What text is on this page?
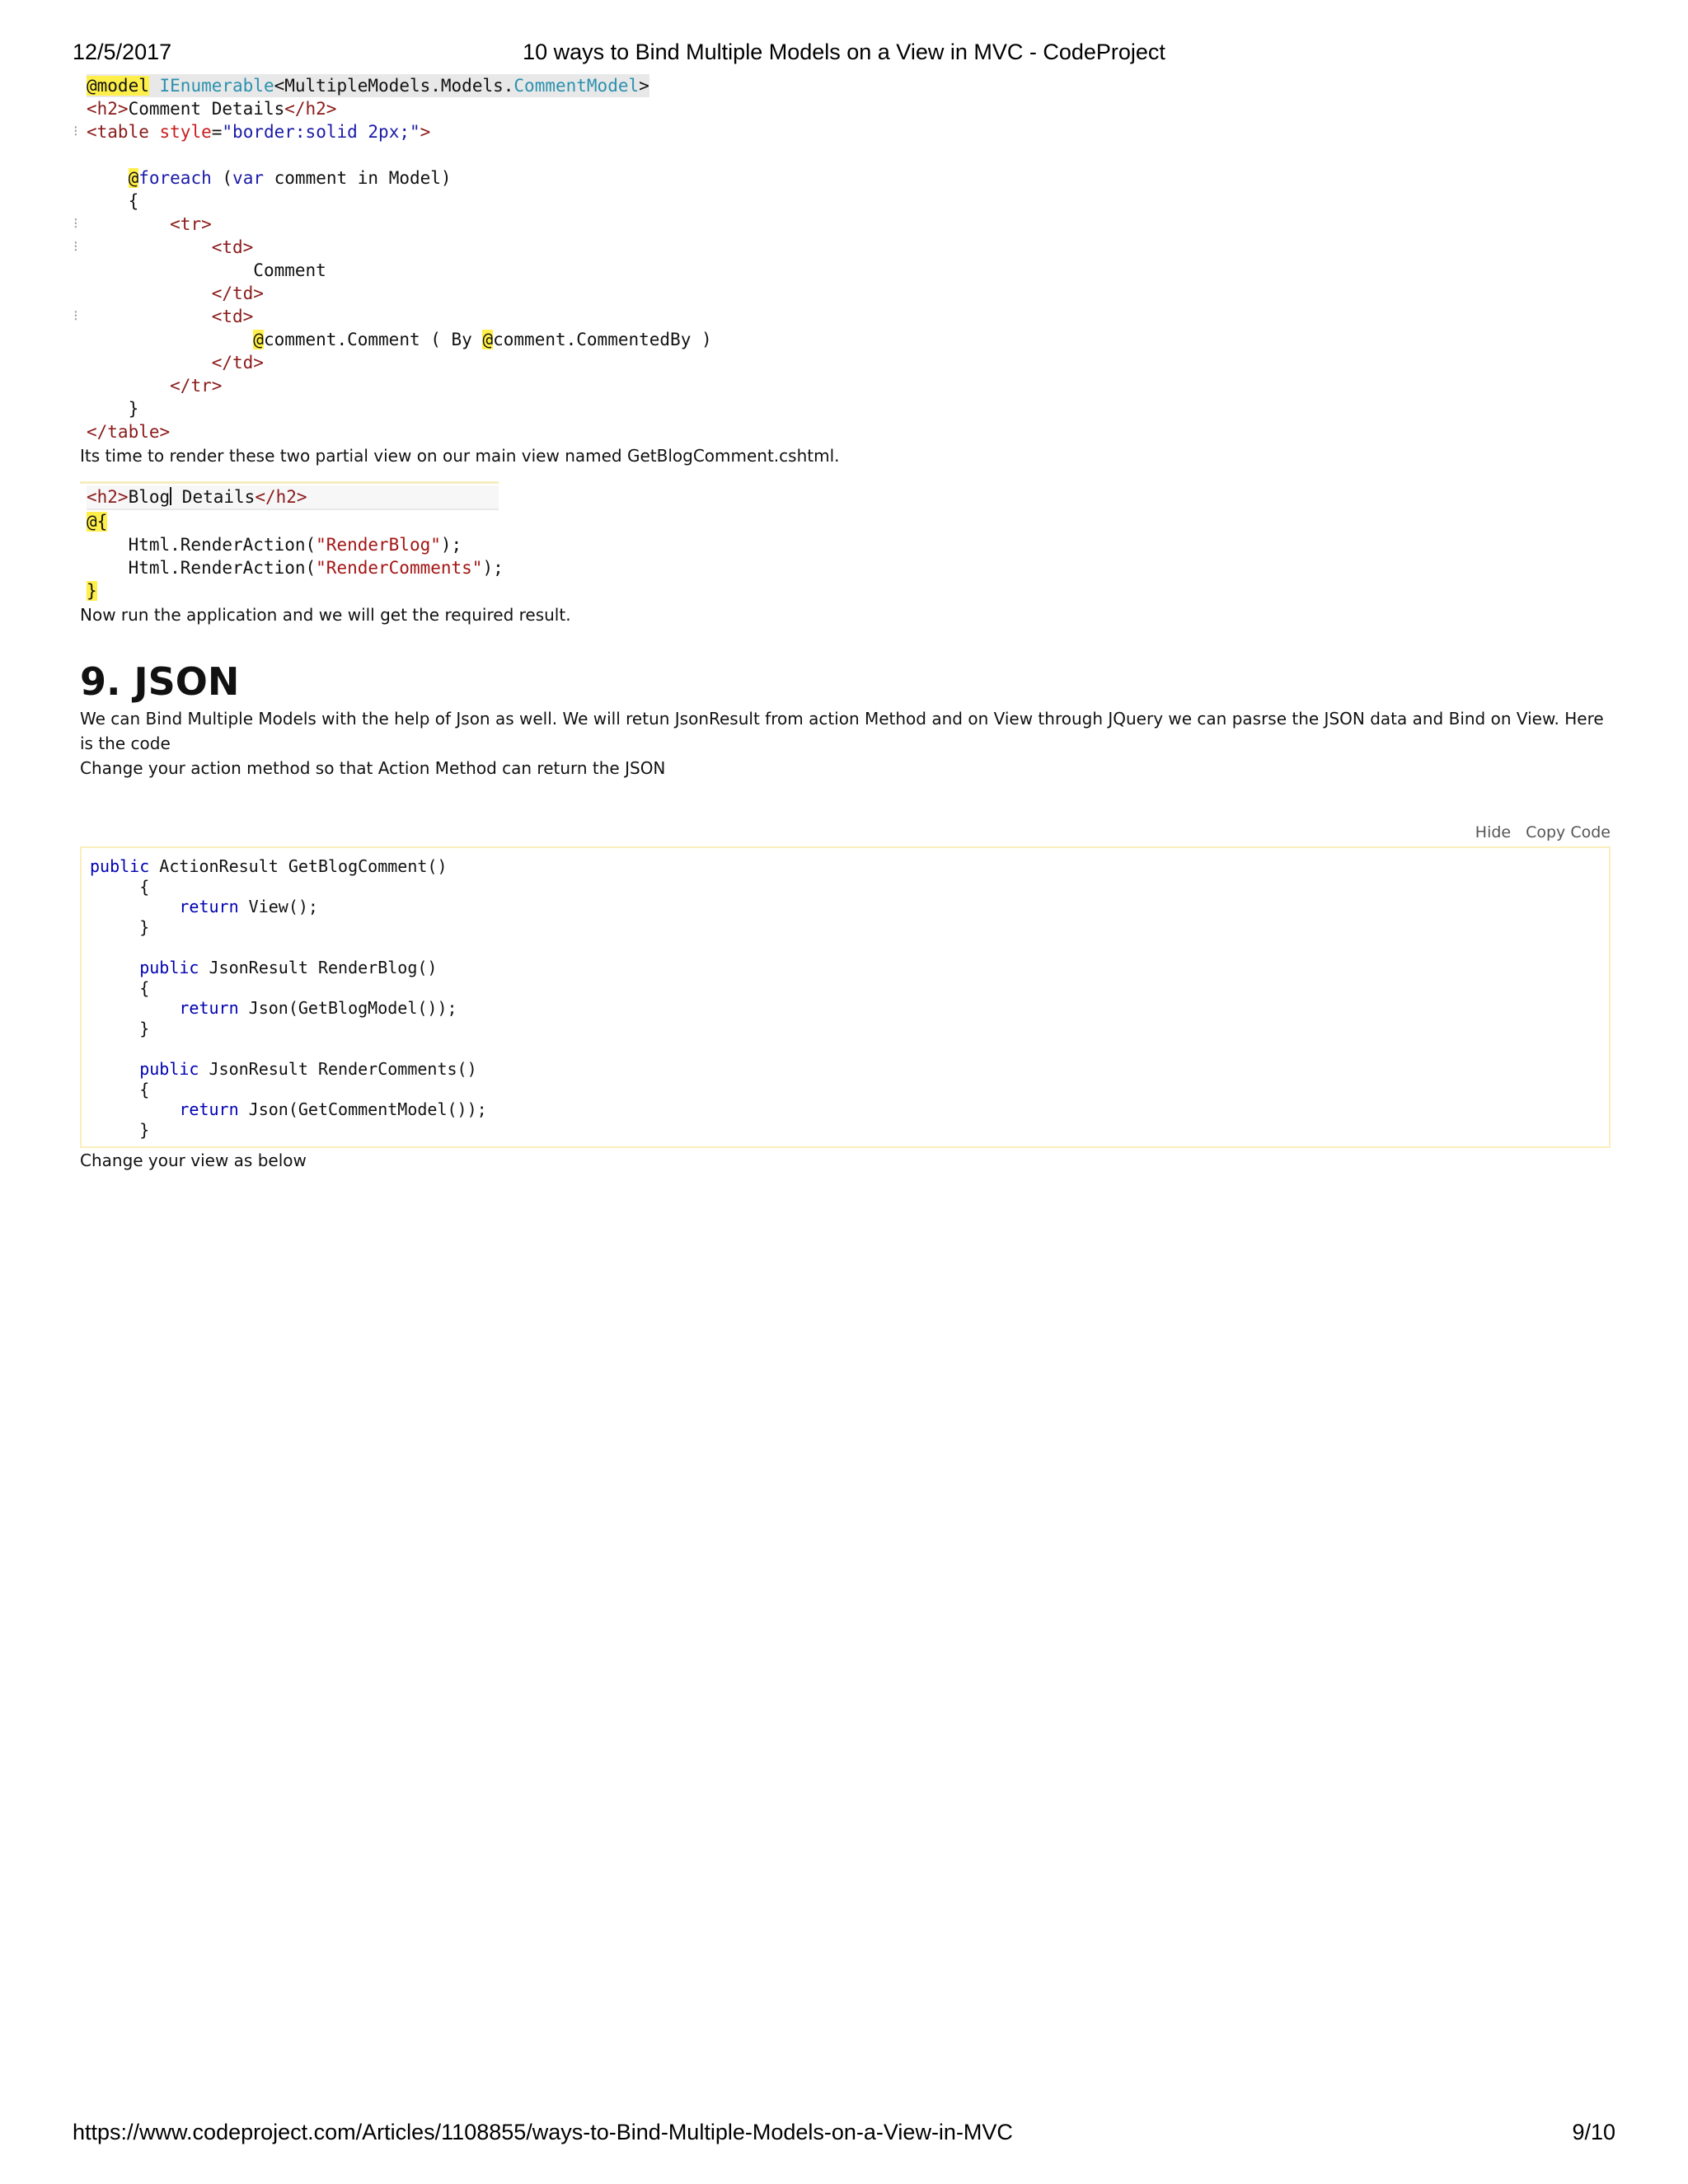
12/5/2017	10 ways to Bind Multiple Models on a View in MVC - CodeProject
@model IEnumerable<MultipleModels.Models.CommentModel>
<h2>Comment Details</h2>
⁝ <table style="border:solid 2px;">

@foreach (var comment in Model)
{
⁝	<tr>
⁝	<td>
Comment
</td>
⁝	<td>
@comment.Comment ( By @comment.CommentedBy )
</td>
</tr>
}
</table>

Its time to render these two partial view on our main view named GetBlogComment.cshtml.

<h2>Blog Details</h2>
@{
Html.RenderAction("RenderBlog");
Html.RenderAction("RenderComments");
}

Now run the application and we will get the required result.

9. JSON

We can Bind Multiple Models with the help of Json as well. We will retun JsonResult from action Method and on View through JQuery we can pasrse the JSON data and Bind on View. Here is the code

Change your action method so that Action Method can return the JSON

Hide Copy Code
public ActionResult GetBlogComment()
{
return View();
}

public JsonResult RenderBlog()
{
return Json(GetBlogModel());
}

public JsonResult RenderComments()
{
return Json(GetCommentModel());
}

Change your view as below

https://www.codeproject.com/Articles/1108855/ways-to-Bind-Multiple-Models-on-a-View-in-MVC	9/10
